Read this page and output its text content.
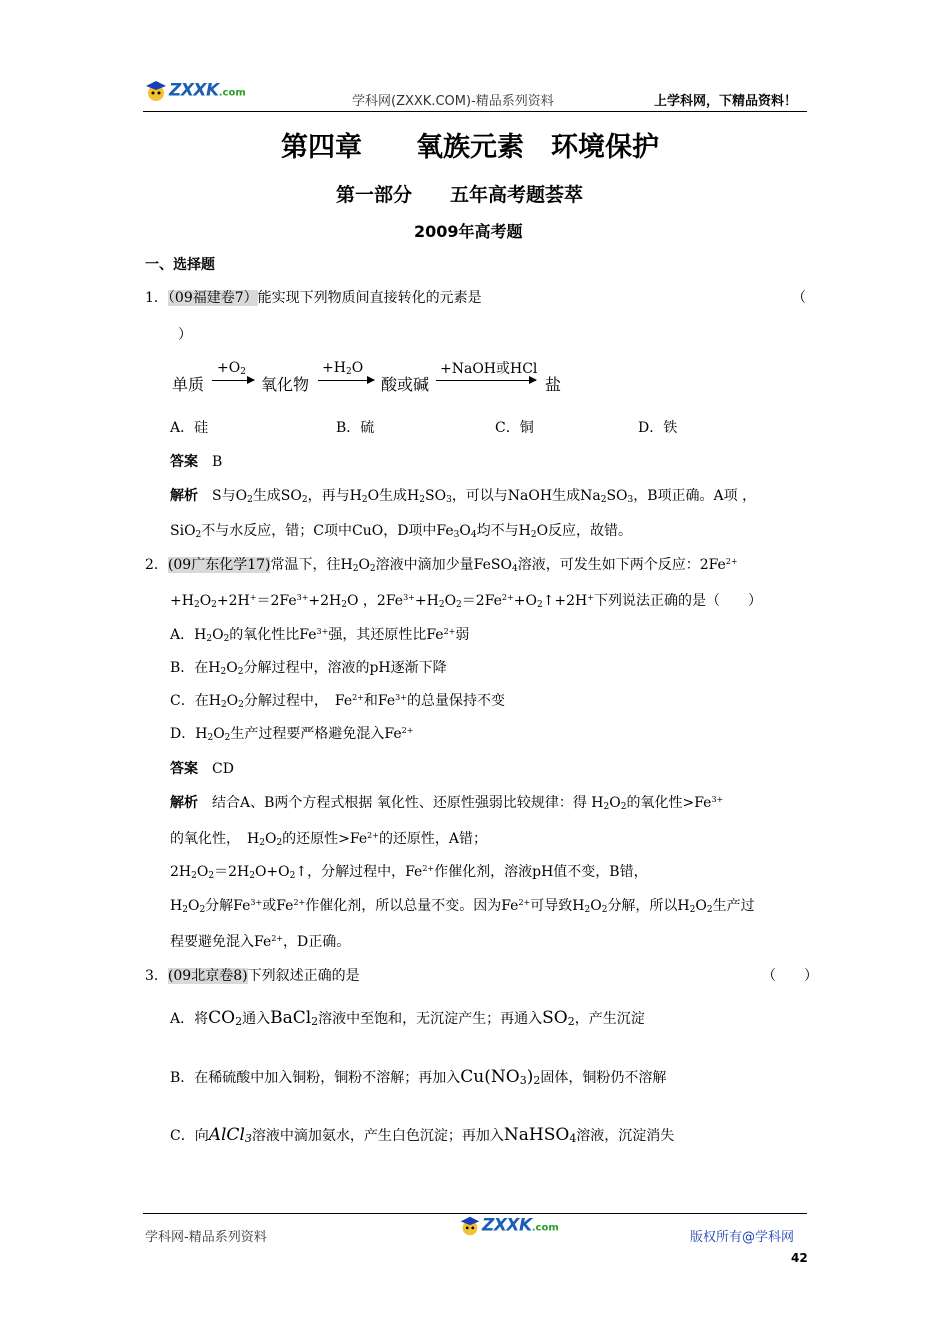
ZXXK.com
学科网(ZXXK.COM)-精品系列资料	上学科网，下精品资料！
第四章　　氧族元素　环境保护
第一部分　　五年高考题荟萃
2009年高考题
一、选择题
1．（09福建卷7）能实现下列物质间直接转化的元素是	（
）
单质
$+O_2$
氧化物
$+H_2O$
酸或碱
+NaOH或HCl
盐
A．硅	B．硫	C．铜	D．铁
答案　 B
解析　S与$O_2$生成$SO_2$，再与$H_2O$生成$H_2SO_3$，可以与NaOH生成$Na_2SO_3$，B项正确。A项 ，
SiO$_2$不与水反应，错；C项中CuO，D项中$Fe_3O_4$均不与$H_2O$反应，故错。
2．(09广东化学17)常温下，往$H_2O_2$溶液中滴加少量FeSO$_4$溶液，可发生如下两个反应：$2Fe^{2+}$
$+H_2O_2+2H^+=2Fe^{3+}+2H_2O$ ，$2Fe^{3+}+H_2O_2=2Fe^{2+}+O_2↑+2H^+$下列说法正确的是（　　）
A．$H_2O_2$的氧化性比$Fe^{3+}$强，其还原性比$Fe^{2+}$弱
B．在$H_2O_2$分解过程中，溶液的pH逐渐下降
C．在$H_2O_2$分解过程中，　$Fe^{2+}$和$Fe^{3+}$的总量保持不变
D．$H_2O_2$生产过程要严格避免混入$Fe^{2+}$
答案　 CD
解析　结合A、B两个方程式根据 氧化性、还原性强弱比较规律：得 $H_2O_2$的氧化性$>Fe^{3+}$
的氧化性，　$H_2O_2$的还原性$>Fe^{2+}$的还原性，A错；
$2H_2O_2=2H_2O+O_2↑$，分解过程中，$Fe^{2+}$作催化剂，溶液pH值不变，B错，
$H_2O_2$分解$Fe^{3+}$或$Fe^{2+}$作催化剂，所以总量不变。因为$Fe^{2+}$可导致$H_2O_2$分解，所以$H_2O_2$生产过
程要避免混入$Fe^{2+}$，D正确。
3．(09北京卷8)下列叙述正确的是	（　　）
A．将$CO_2$通入BaCl$_2$溶液中至饱和，无沉淀产生；再通入$SO_2$，产生沉淀
B．在稀硫酸中加入铜粉，铜粉不溶解；再加入$Cu(NO_3)_2$固体，铜粉仍不溶解
C．向AlCl$_3$溶液中滴加氨水，产生白色沉淀；再加入NaHSO$_4$溶液，沉淀消失
学科网-精品系列资料
ZXXK.com
版权所有@学科网
42
